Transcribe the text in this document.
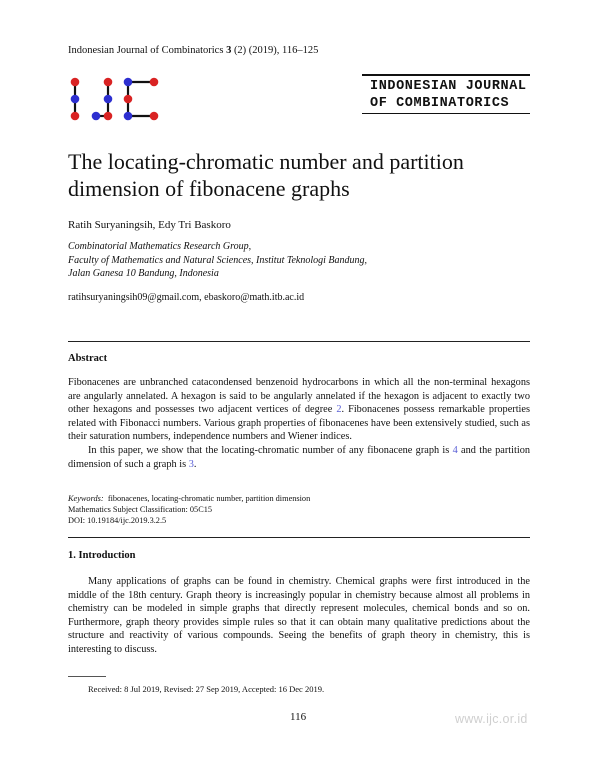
Indonesian Journal of Combinatorics 3 (2) (2019), 116–125
INDONESIAN JOURNAL
OF COMBINATORICS
The locating-chromatic number and partition dimension of fibonacene graphs
Ratih Suryaningsih, Edy Tri Baskoro
Combinatorial Mathematics Research Group,
Faculty of Mathematics and Natural Sciences, Institut Teknologi Bandung,
Jalan Ganesa 10 Bandung, Indonesia
ratihsuryaningsih09@gmail.com, ebaskoro@math.itb.ac.id
Abstract

Fibonacenes are unbranched catacondensed benzenoid hydrocarbons in which all the non-terminal hexagons are angularly annelated. A hexagon is said to be angularly annelated if the hexagon is adjacent to exactly two other hexagons and possesses two adjacent vertices of degree 2. Fibonacenes possess remarkable properties related with Fibonacci numbers. Various graph properties of fibonacenes have been extensively studied, such as their saturation numbers, independence numbers and Wiener indices.

In this paper, we show that the locating-chromatic number of any fibonacene graph is 4 and the partition dimension of such a graph is 3.

Keywords: fibonacenes, locating-chromatic number, partition dimension
Mathematics Subject Classification: 05C15
DOI: 10.19184/ijc.2019.3.2.5
1. Introduction
Many applications of graphs can be found in chemistry. Chemical graphs were first introduced in the middle of the 18th century. Graph theory is increasingly popular in chemistry because almost all problems in chemistry can be modeled in simple graphs that directly represent molecules, chemical bonds and so on. Furthermore, graph theory provides simple rules so that it can obtain many qualitative predictions about the structure and reactivity of various compounds. Seeing the benefits of graph theory in chemistry, this is interesting to discuss.
Received: 8 Jul 2019, Revised: 27 Sep 2019, Accepted: 16 Dec 2019.
116	www.ijc.or.id
